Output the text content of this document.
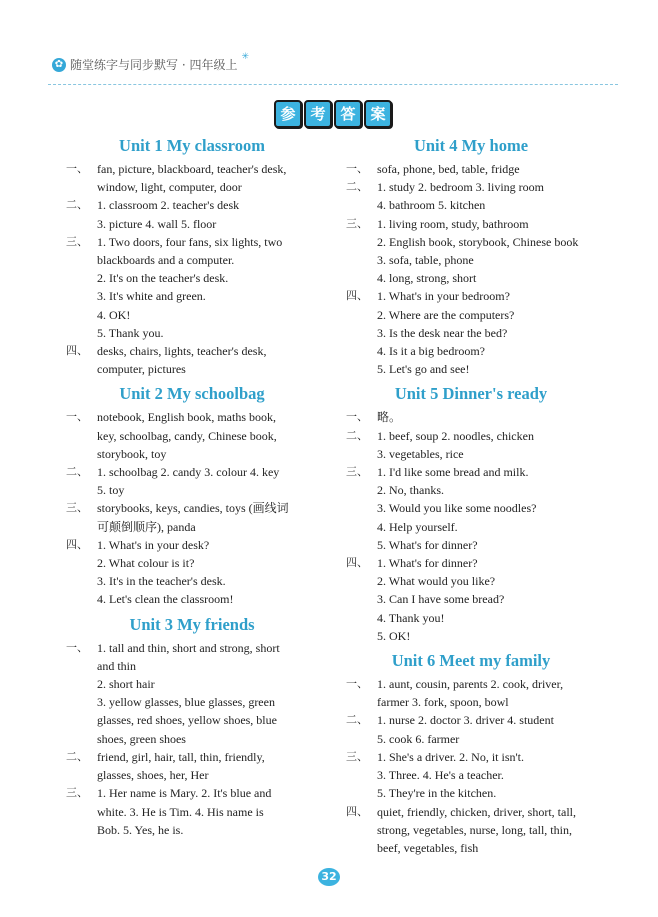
✿ 随堂练字与同步默写 · 四年级上
✳
参 考 答 案
Unit 1 My classroom
一、 fan, picture, blackboard, teacher's desk,
window, light, computer, door
二、 1. classroom 2. teacher's desk
3. picture 4. wall 5. floor
三、 1. Two doors, four fans, six lights, two
blackboards and a computer.
2. It's on the teacher's desk.
3. It's white and green.
4. OK!
5. Thank you.
四、 desks, chairs, lights, teacher's desk,
computer, pictures
Unit 2 My schoolbag
一、 notebook, English book, maths book,
key, schoolbag, candy, Chinese book,
storybook, toy
二、 1. schoolbag 2. candy 3. colour 4. key
5. toy
三、 storybooks, keys, candies, toys (画线词
可颠倒顺序), panda
四、 1. What's in your desk?
2. What colour is it?
3. It's in the teacher's desk.
4. Let's clean the classroom!
Unit 3 My friends
一、 1. tall and thin, short and strong, short
and thin
2. short hair
3. yellow glasses, blue glasses, green
glasses, red shoes, yellow shoes, blue
shoes, green shoes
二、 friend, girl, hair, tall, thin, friendly,
glasses, shoes, her, Her
三、 1. Her name is Mary. 2. It's blue and
white. 3. He is Tim. 4. His name is
Bob. 5. Yes, he is.
Unit 4 My home
一、 sofa, phone, bed, table, fridge
二、 1. study 2. bedroom 3. living room
4. bathroom 5. kitchen
三、 1. living room, study, bathroom
2. English book, storybook, Chinese book
3. sofa, table, phone
4. long, strong, short
四、 1. What's in your bedroom?
2. Where are the computers?
3. Is the desk near the bed?
4. Is it a big bedroom?
5. Let's go and see!
Unit 5 Dinner's ready
一、 略。
二、 1. beef, soup 2. noodles, chicken
3. vegetables, rice
三、 1. I'd like some bread and milk.
2. No, thanks.
3. Would you like some noodles?
4. Help yourself.
5. What's for dinner?
四、 1. What's for dinner?
2. What would you like?
3. Can I have some bread?
4. Thank you!
5. OK!
Unit 6 Meet my family
一、 1. aunt, cousin, parents 2. cook, driver,
farmer 3. fork, spoon, bowl
二、 1. nurse 2. doctor 3. driver 4. student
5. cook 6. farmer
三、 1. She's a driver. 2. No, it isn't.
3. Three. 4. He's a teacher.
5. They're in the kitchen.
四、 quiet, friendly, chicken, driver, short, tall,
strong, vegetables, nurse, long, tall, thin,
beef, vegetables, fish
32
